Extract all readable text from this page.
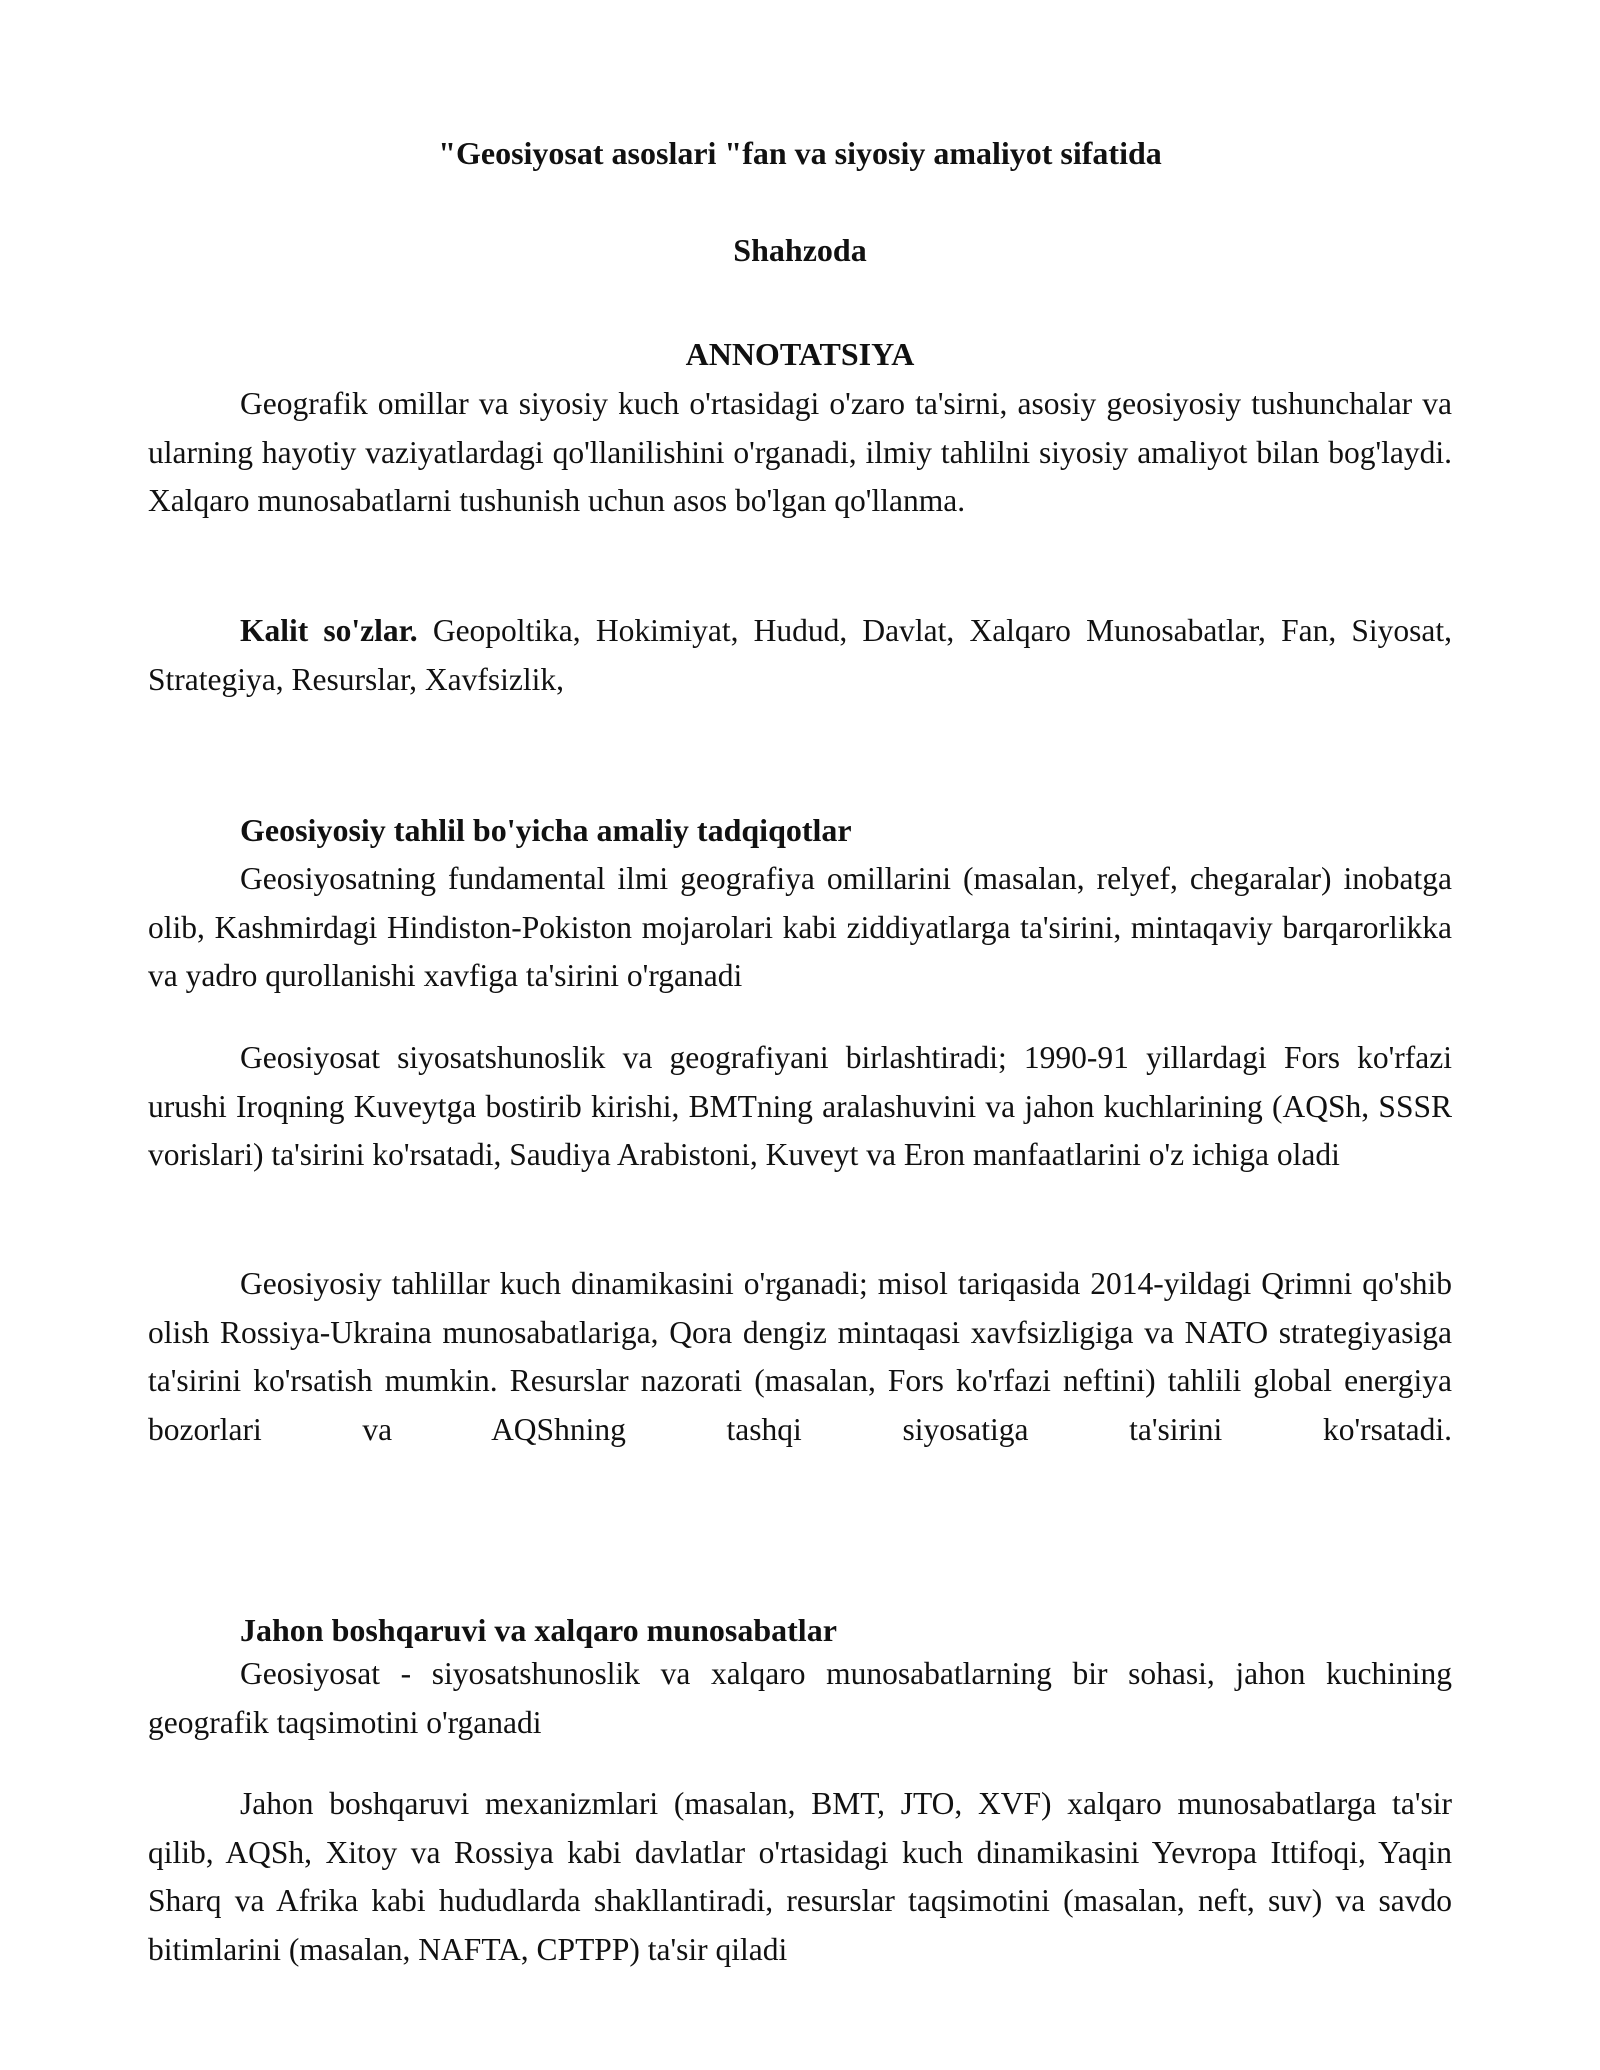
"Geosiyosat asoslari "fan va siyosiy amaliyot sifatida
Shahzoda
ANNOTATSIYA

Geografik omillar va siyosiy kuch o'rtasidagi o'zaro ta'sirni, asosiy geosiyosiy tushunchalar va ularning hayotiy vaziyatlardagi qo'llanilishini o'rganadi, ilmiy tahlilni siyosiy amaliyot bilan bog'laydi. Xalqaro munosabatlarni tushunish uchun asos bo'lgan qo'llanma.

Kalit so'zlar. Geopoltika, Hokimiyat, Hudud, Davlat, Xalqaro Munosabatlar, Fan, Siyosat, Strategiya, Resurslar, Xavfsizlik,

Geosiyosiy tahlil bo'yicha amaliy tadqiqotlar

Geosiyosatning fundamental ilmi geografiya omillarini (masalan, relyef, chegaralar) inobatga olib, Kashmirdagi Hindiston-Pokiston mojarolari kabi ziddiyatlarga ta'sirini, mintaqaviy barqarorlikka va yadro qurollanishi xavfiga ta'sirini o'rganadi

Geosiyosat siyosatshunoslik va geografiyani birlashtiradi; 1990-91 yillardagi Fors ko'rfazi urushi Iroqning Kuveytga bostirib kirishi, BMTning aralashuvini va jahon kuchlarining (AQSh, SSSR vorislari) ta'sirini ko'rsatadi, Saudiya Arabistoni, Kuveyt va Eron manfaatlarini o'z ichiga oladi

Geosiyosiy tahlillar kuch dinamikasini o'rganadi; misol tariqasida 2014-yildagi Qrimni qo'shib olish Rossiya-Ukraina munosabatlariga, Qora dengiz mintaqasi xavfsizligiga va NATO strategiyasiga ta'sirini ko'rsatish mumkin. Resurslar nazorati (masalan, Fors ko'rfazi neftini) tahlili global energiya bozorlari va AQShning tashqi siyosatiga ta'sirini ko'rsatadi.

Jahon boshqaruvi va xalqaro munosabatlar

Geosiyosat - siyosatshunoslik va xalqaro munosabatlarning bir sohasi, jahon kuchining geografik taqsimotini o'rganadi

Jahon boshqaruvi mexanizmlari (masalan, BMT, JTO, XVF) xalqaro munosabatlarga ta'sir qilib, AQSh, Xitoy va Rossiya kabi davlatlar o'rtasidagi kuch dinamikasini Yevropa Ittifoqi, Yaqin Sharq va Afrika kabi hududlarda shakllantiradi, resurslar taqsimotini (masalan, neft, suv) va savdo bitimlarini (masalan, NAFTA, CPTPP) ta'sir qiladi
